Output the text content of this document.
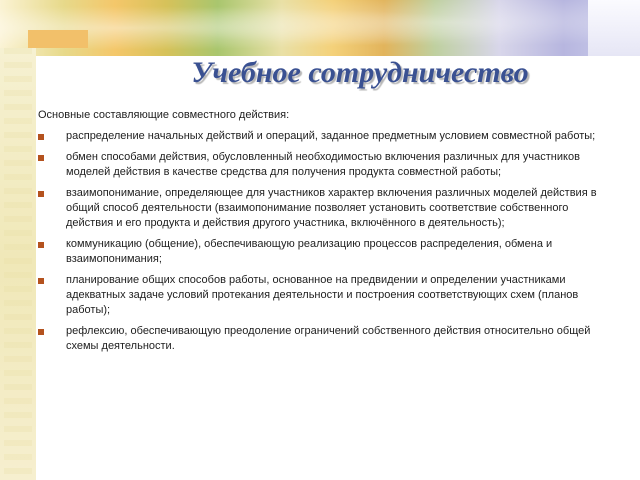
Учебное сотрудничество

Основные составляющие совместного действия:

распределение начальных действий и операций, заданное предметным условием совместной работы;
обмен способами действия, обусловленный необходимостью включения различных для участников моделей действия в качестве средства для получения продукта совместной работы;
взаимопонимание, определяющее для участников характер включения различных моделей действия в общий способ деятельности (взаимопонимание позволяет установить соответствие собственного действия и его продукта и действия другого участника, включённого в деятельность);
коммуникацию (общение), обеспечивающую реализацию процессов распределения, обмена и взаимопонимания;
планирование общих способов работы, основанное на предвидении и определении участниками адекватных задаче условий протекания деятельности и построения соответствующих схем (планов работы);
рефлексию, обеспечивающую преодоление ограничений собственного действия относительно общей схемы деятельности.
